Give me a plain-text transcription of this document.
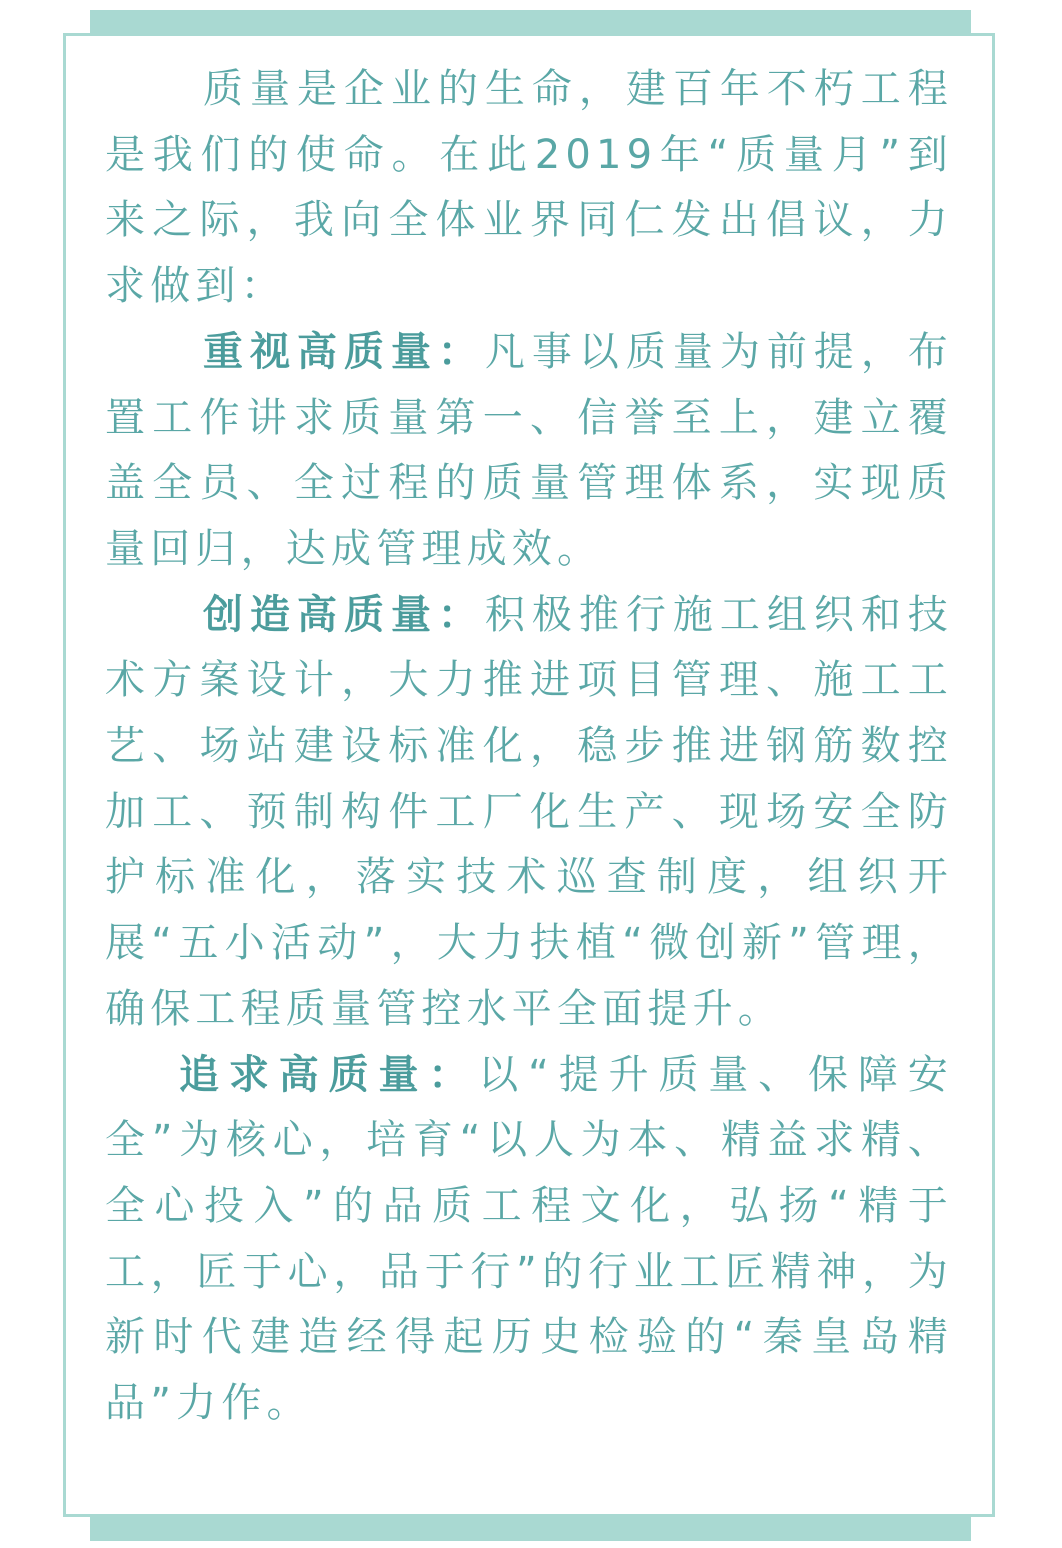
质量是企业的生命，建百年不朽工程是我们的使命。在此2019年“质量月”到来之际，我向全体业界同仁发出倡议，力求做到：

重视高质量：凡事以质量为前提，布置工作讲求质量第一、信誉至上，建立覆盖全员、全过程的质量管理体系，实现质量回归，达成管理成效。

创造高质量：积极推行施工组织和技术方案设计，大力推进项目管理、施工工艺、场站建设标准化，稳步推进钢筋数控加工、预制构件工厂化生产、现场安全防护标准化，落实技术巡查制度，组织开展“五小活动”，大力扶植“微创新”管理，确保工程质量管控水平全面提升。

追求高质量：以“提升质量、保障安全”为核心，培育“以人为本、精益求精、全心投入”的品质工程文化，弘扬“精于工，匠于心，品于行”的行业工匠精神，为新时代建造经得起历史检验的“秦皇岛精品”力作。
